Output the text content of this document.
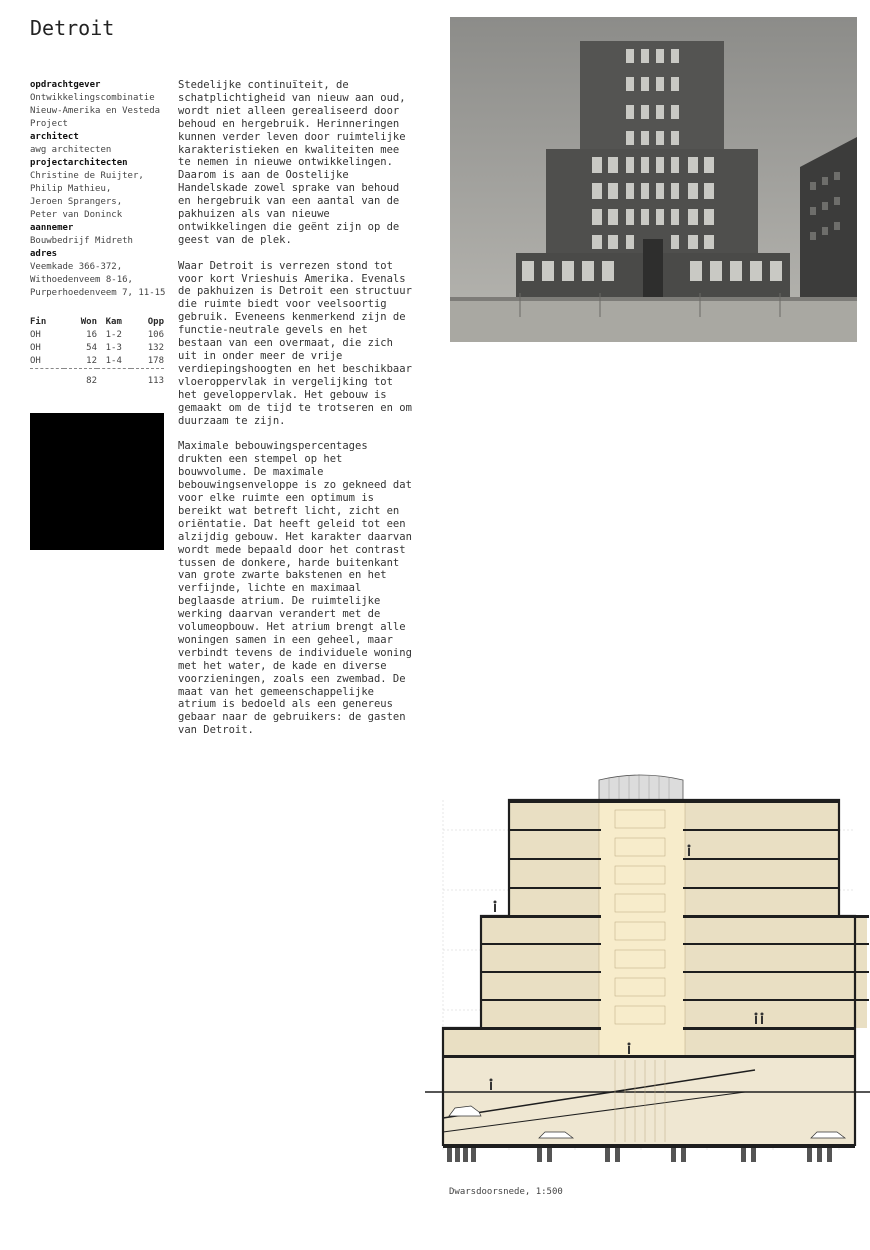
Detroit
opdrachtgever
Ontwikkelingscombinatie
Nieuw-Amerika en Vesteda
Project
architect
awg architecten
projectarchitecten
Christine de Ruijter,
Philip Mathieu,
Jeroen Sprangers,
Peter van Doninck
aannemer
Bouwbedrijf Midreth
adres
Veemkade 366-372,
Withoedenveem 8-16,
Purperhoedenveem 7, 11-15
Fin	Won	Kam	Opp
OH	16	1-2	106
OH	54	1-3	132
OH	12	1-4	178

	82		113

Stedelijke continuïteit, de schatplichtigheid van nieuw aan oud, wordt niet alleen gerealiseerd door behoud en hergebruik. Herinneringen kunnen verder leven door ruimtelijke karakteristieken en kwaliteiten mee te nemen in nieuwe ontwikkelingen. Daarom is aan de Oostelijke Handelskade zowel sprake van behoud en hergebruik van een aantal van de pakhuizen als van nieuwe ontwikkelingen die geënt zijn op de geest van de plek.

Waar Detroit is verrezen stond tot voor kort Vrieshuis Amerika. Evenals de pakhuizen is Detroit een structuur die ruimte biedt voor veelsoortig gebruik. Eveneens kenmerkend zijn de functie-neutrale gevels en het bestaan van een overmaat, die zich uit in onder meer de vrije verdiepingshoogten en het beschikbaar vloeroppervlak in vergelijking tot het geveloppervlak. Het gebouw is gemaakt om de tijd te trotseren en om duurzaam te zijn.

Maximale bebouwingspercentages drukten een stempel op het bouwvolume. De maximale bebouwingsenveloppe is zo gekneed dat voor elke ruimte een optimum is bereikt wat betreft licht, zicht en oriëntatie. Dat heeft geleid tot een alzijdig gebouw. Het karakter daarvan wordt mede bepaald door het contrast tussen de donkere, harde buitenkant van grote zwarte bakstenen en het verfijnde, lichte en maximaal beglaasde atrium. De ruimtelijke werking daarvan verandert met de volumeopbouw. Het atrium brengt alle woningen samen in een geheel, maar verbindt tevens de individuele woning met het water, de kade en diverse voorzieningen, zoals een zwembad. De maat van het gemeenschappelijke atrium is bedoeld als een genereus gebaar naar de gebruikers: de gasten van Detroit.

Dwarsdoorsnede, 1:500
